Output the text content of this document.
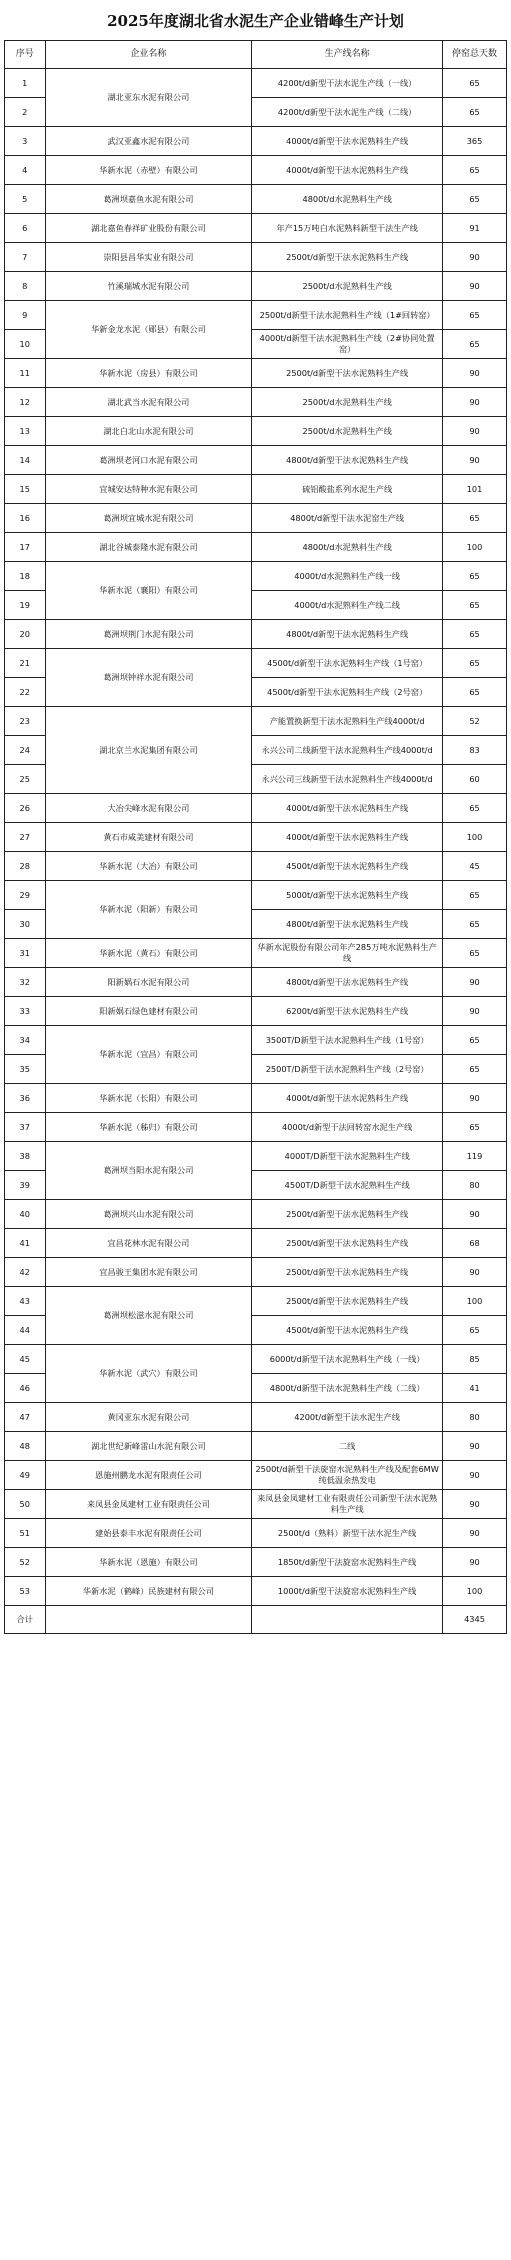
2025年度湖北省水泥生产企业错峰生产计划
序号	企业名称	生产线名称	停窑总天数
1	湖北亚东水泥有限公司	4200t/d新型干法水泥生产线（一线）	65
2		4200t/d新型干法水泥生产线（二线）	65
3	武汉亚鑫水泥有限公司	4000t/d新型干法水泥熟料生产线	365
4	华新水泥（赤壁）有限公司	4000t/d新型干法水泥熟料生产线	65
5	葛洲坝嘉鱼水泥有限公司	4800t/d水泥熟料生产线	65
6	湖北嘉鱼春祥矿业股份有限公司	年产15万吨白水泥熟料新型干法生产线	91
7	崇阳县昌华实业有限公司	2500t/d新型干法水泥熟料生产线	90
8	竹溪瑞城水泥有限公司	2500t/d水泥熟料生产线	90
9	华新金龙水泥（郧县）有限公司	2500t/d新型干法水泥熟料生产线（1#回转窑）	65
10		4000t/d新型干法水泥熟料生产线（2#协同处置窑）	65
11	华新水泥（房县）有限公司	2500t/d新型干法水泥熟料生产线	90
12	湖北武当水泥有限公司	2500t/d水泥熟料生产线	90
13	湖北白北山水泥有限公司	2500t/d水泥熟料生产线	90
14	葛洲坝老河口水泥有限公司	4800t/d新型干法水泥熟料生产线	90
15	宜城安达特种水泥有限公司	硫铝酸盐系列水泥生产线	101
16	葛洲坝宜城水泥有限公司	4800t/d新型干法水泥窑生产线	65
17	湖北谷城泰隆水泥有限公司	4800t/d水泥熟料生产线	100
18	华新水泥（襄阳）有限公司	4000t/d水泥熟料生产线一线	65
19		4000t/d水泥熟料生产线二线	65
20	葛洲坝荆门水泥有限公司	4800t/d新型干法水泥熟料生产线	65
21	葛洲坝钟祥水泥有限公司	4500t/d新型干法水泥熟料生产线（1号窑）	65
22		4500t/d新型干法水泥熟料生产线（2号窑）	65
23	湖北京兰水泥集团有限公司	产能置换新型干法水泥熟料生产线4000t/d	52
24		永兴公司二线新型干法水泥熟料生产线4000t/d	83
25		永兴公司三线新型干法水泥熟料生产线4000t/d	60
26	大冶尖峰水泥有限公司	4000t/d新型干法水泥熟料生产线	65
27	黄石市咸美建材有限公司	4000t/d新型干法水泥熟料生产线	100
28	华新水泥（大冶）有限公司	4500t/d新型干法水泥熟料生产线	45
29	华新水泥（阳新）有限公司	5000t/d新型干法水泥熟料生产线	65
30		4800t/d新型干法水泥熟料生产线	65
31	华新水泥（黄石）有限公司	华新水泥股份有限公司年产285万吨水泥熟料生产线	65
32	阳新娲石水泥有限公司	4800t/d新型干法水泥熟料生产线	90
33	阳新娲石绿色建材有限公司	6200t/d新型干法水泥熟料生产线	90
34	华新水泥（宜昌）有限公司	3500T/D新型干法水泥熟料生产线（1号窑）	65
35		2500T/D新型干法水泥熟料生产线（2号窑）	65
36	华新水泥（长阳）有限公司	4000t/d新型干法水泥熟料生产线	90
37	华新水泥（秭归）有限公司	4000t/d新型干法回转窑水泥生产线	65
38	葛洲坝当阳水泥有限公司	4000T/D新型干法水泥熟料生产线	119
39		4500T/D新型干法水泥熟料生产线	80
40	葛洲坝兴山水泥有限公司	2500t/d新型干法水泥熟料生产线	90
41	宜昌花林水泥有限公司	2500t/d新型干法水泥熟料生产线	68
42	宜昌骏王集团水泥有限公司	2500t/d新型干法水泥熟料生产线	90
43	葛洲坝松滋水泥有限公司	2500t/d新型干法水泥熟料生产线	100
44		4500t/d新型干法水泥熟料生产线	65
45	华新水泥（武穴）有限公司	6000t/d新型干法水泥熟料生产线（一线）	85
46		4800t/d新型干法水泥熟料生产线（二线）	41
47	黄冈亚东水泥有限公司	4200t/d新型干法水泥生产线	80
48	湖北世纪新峰雷山水泥有限公司	二线	90
49	恩施州鹏龙水泥有限责任公司	2500t/d新型干法旋窑水泥熟料生产线及配套6MW纯低温余热发电	90
50	来凤县金凤建材工业有限责任公司	来凤县金凤建材工业有限责任公司新型干法水泥熟料生产线	90
51	建始县泰丰水泥有限责任公司	2500t/d（熟料）新型干法水泥生产线	90
52	华新水泥（恩施）有限公司	1850t/d新型干法旋窑水泥熟料生产线	90
53	华新水泥（鹤峰）民族建材有限公司	1000t/d新型干法旋窑水泥熟料生产线	100
合计			4345
